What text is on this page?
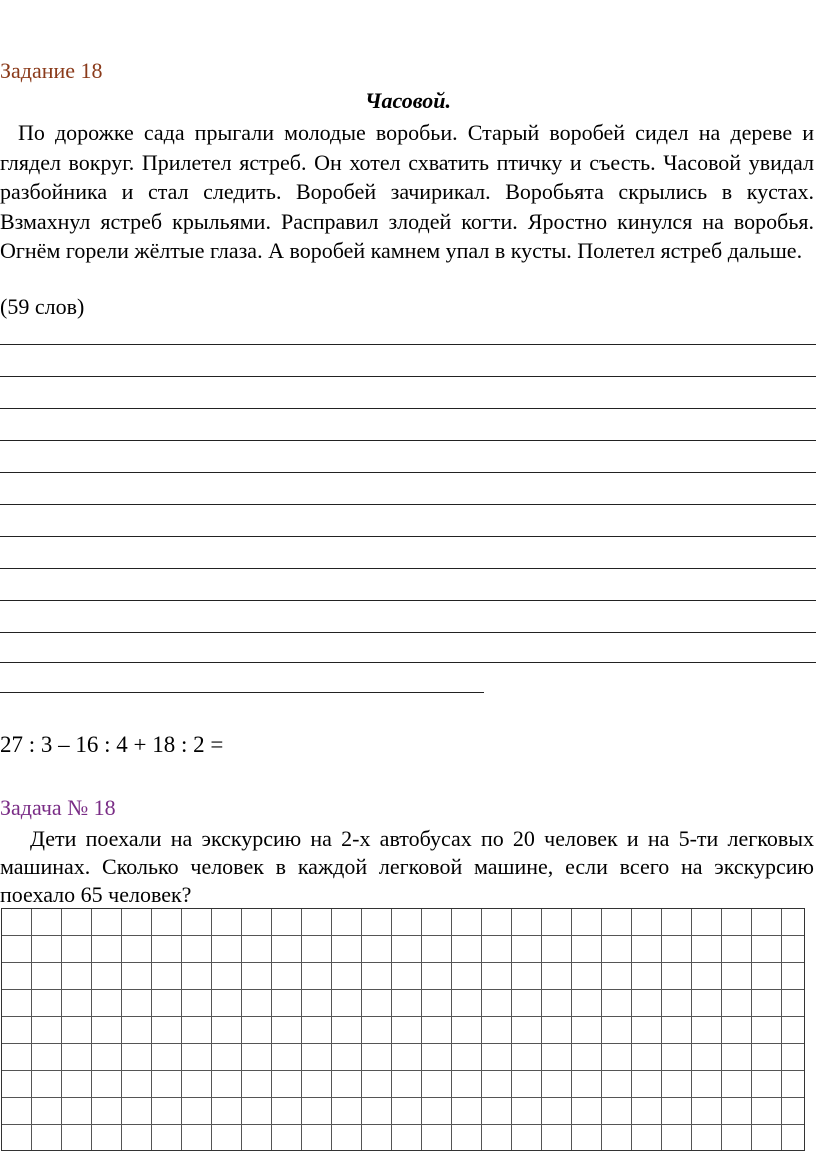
Задание 18
Часовой.
По дорожке сада прыгали молодые воробьи. Старый воробей сидел на дереве и глядел вокруг. Прилетел ястреб. Он хотел схватить птичку и съесть. Часовой увидал разбойника и стал следить. Воробей зачирикал. Воробьята скрылись в кустах. Взмахнул ястреб крыльями. Расправил злодей когти. Яростно кинулся на воробья. Огнём горели жёлтые глаза. А воробей камнем упал в кусты. Полетел ястреб дальше.
(59 слов)
27 : 3 – 16 : 4 + 18 : 2 =
Задача № 18
Дети поехали на экскурсию на 2-х автобусах по 20 человек и на 5-ти легковых машинах. Сколько человек в каждой легковой машине, если всего на экскурсию поехало 65 человек?
